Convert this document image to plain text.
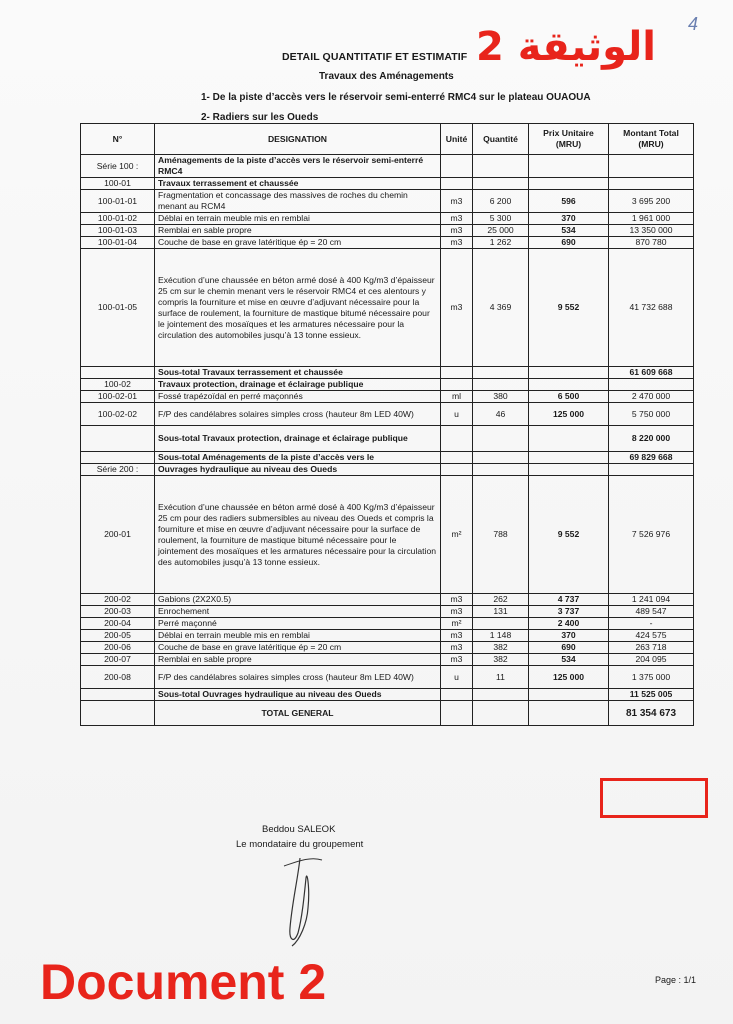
4
DETAIL QUANTITATIF ET ESTIMATIF الوثيقة 2
Travaux des Aménagements
1- De la piste d’accès vers le réservoir semi-enterré RMC4 sur le plateau OUAOUA
2- Radiers sur les Oueds
N°	DESIGNATION	Unité	Quantité	Prix Unitaire (MRU)	Montant Total (MRU)
Série 100 :	Aménagements de la piste d’accès vers le réservoir semi-enterré RMC4				
100-01	Travaux terrassement et chaussée				
100-01-01	Fragmentation et concassage des massives de roches du chemin menant au RCM4	m3	6 200	596	3 695 200
100-01-02	Déblai en terrain meuble mis en remblai	m3	5 300	370	1 961 000
100-01-03	Remblai en sable propre	m3	25 000	534	13 350 000
100-01-04	Couche de base en grave latéritique ép = 20 cm	m3	1 262	690	870 780
100-01-05	Exécution d’une chaussée en béton armé dosé à 400 Kg/m3 d’épaisseur 25 cm sur le chemin menant vers le réservoir RMC4 et ces alentours y compris la fourniture et mise en œuvre d’adjuvant nécessaire pour la surface de roulement, la fourniture de mastique bitumé nécessaire pour le jointement des mosaïques et les armatures nécessaire pour la circulation des automobiles jusqu’à 13 tonne essieux.	m3	4 369	9 552	41 732 688
	Sous-total Travaux terrassement et chaussée				61 609 668
100-02	Travaux protection, drainage et éclairage publique				
100-02-01	Fossé trapézoïdal en perré maçonnés	ml	380	6 500	2 470 000
100-02-02	F/P des candélabres solaires simples cross (hauteur 8m LED 40W)	u	46	125 000	5 750 000
	Sous-total Travaux protection, drainage et éclairage publique				8 220 000
	Sous-total Aménagements de la piste d’accès vers le				69 829 668
Série 200 :	Ouvrages hydraulique au niveau des Oueds				
200-01	Exécution d’une chaussée en béton armé dosé à 400 Kg/m3 d’épaisseur 25 cm pour des radiers submersibles au niveau des Oueds et compris la fourniture et mise en œuvre d’adjuvant nécessaire pour la surface de roulement, la fourniture de mastique bitumé nécessaire pour le jointement des mosaïques et les armatures nécessaire pour la circulation des automobiles jusqu’à 13 tonne essieux.	m²	788	9 552	7 526 976
200-02	Gabions (2X2X0.5)	m3	262	4 737	1 241 094
200-03	Enrochement	m3	131	3 737	489 547
200-04	Perré maçonné	m²		2 400	-
200-05	Déblai en terrain meuble mis en remblai	m3	1 148	370	424 575
200-06	Couche de base en grave latéritique ép = 20 cm	m3	382	690	263 718
200-07	Remblai en sable propre	m3	382	534	204 095
200-08	F/P des candélabres solaires simples cross (hauteur 8m LED 40W)	u	11	125 000	1 375 000
	Sous-total Ouvrages hydraulique au niveau des Oueds				11 525 005
	TOTAL GENERAL				81 354 673
Beddou SALEOK
Le mondataire du groupement
Document 2	Page : 1/1
